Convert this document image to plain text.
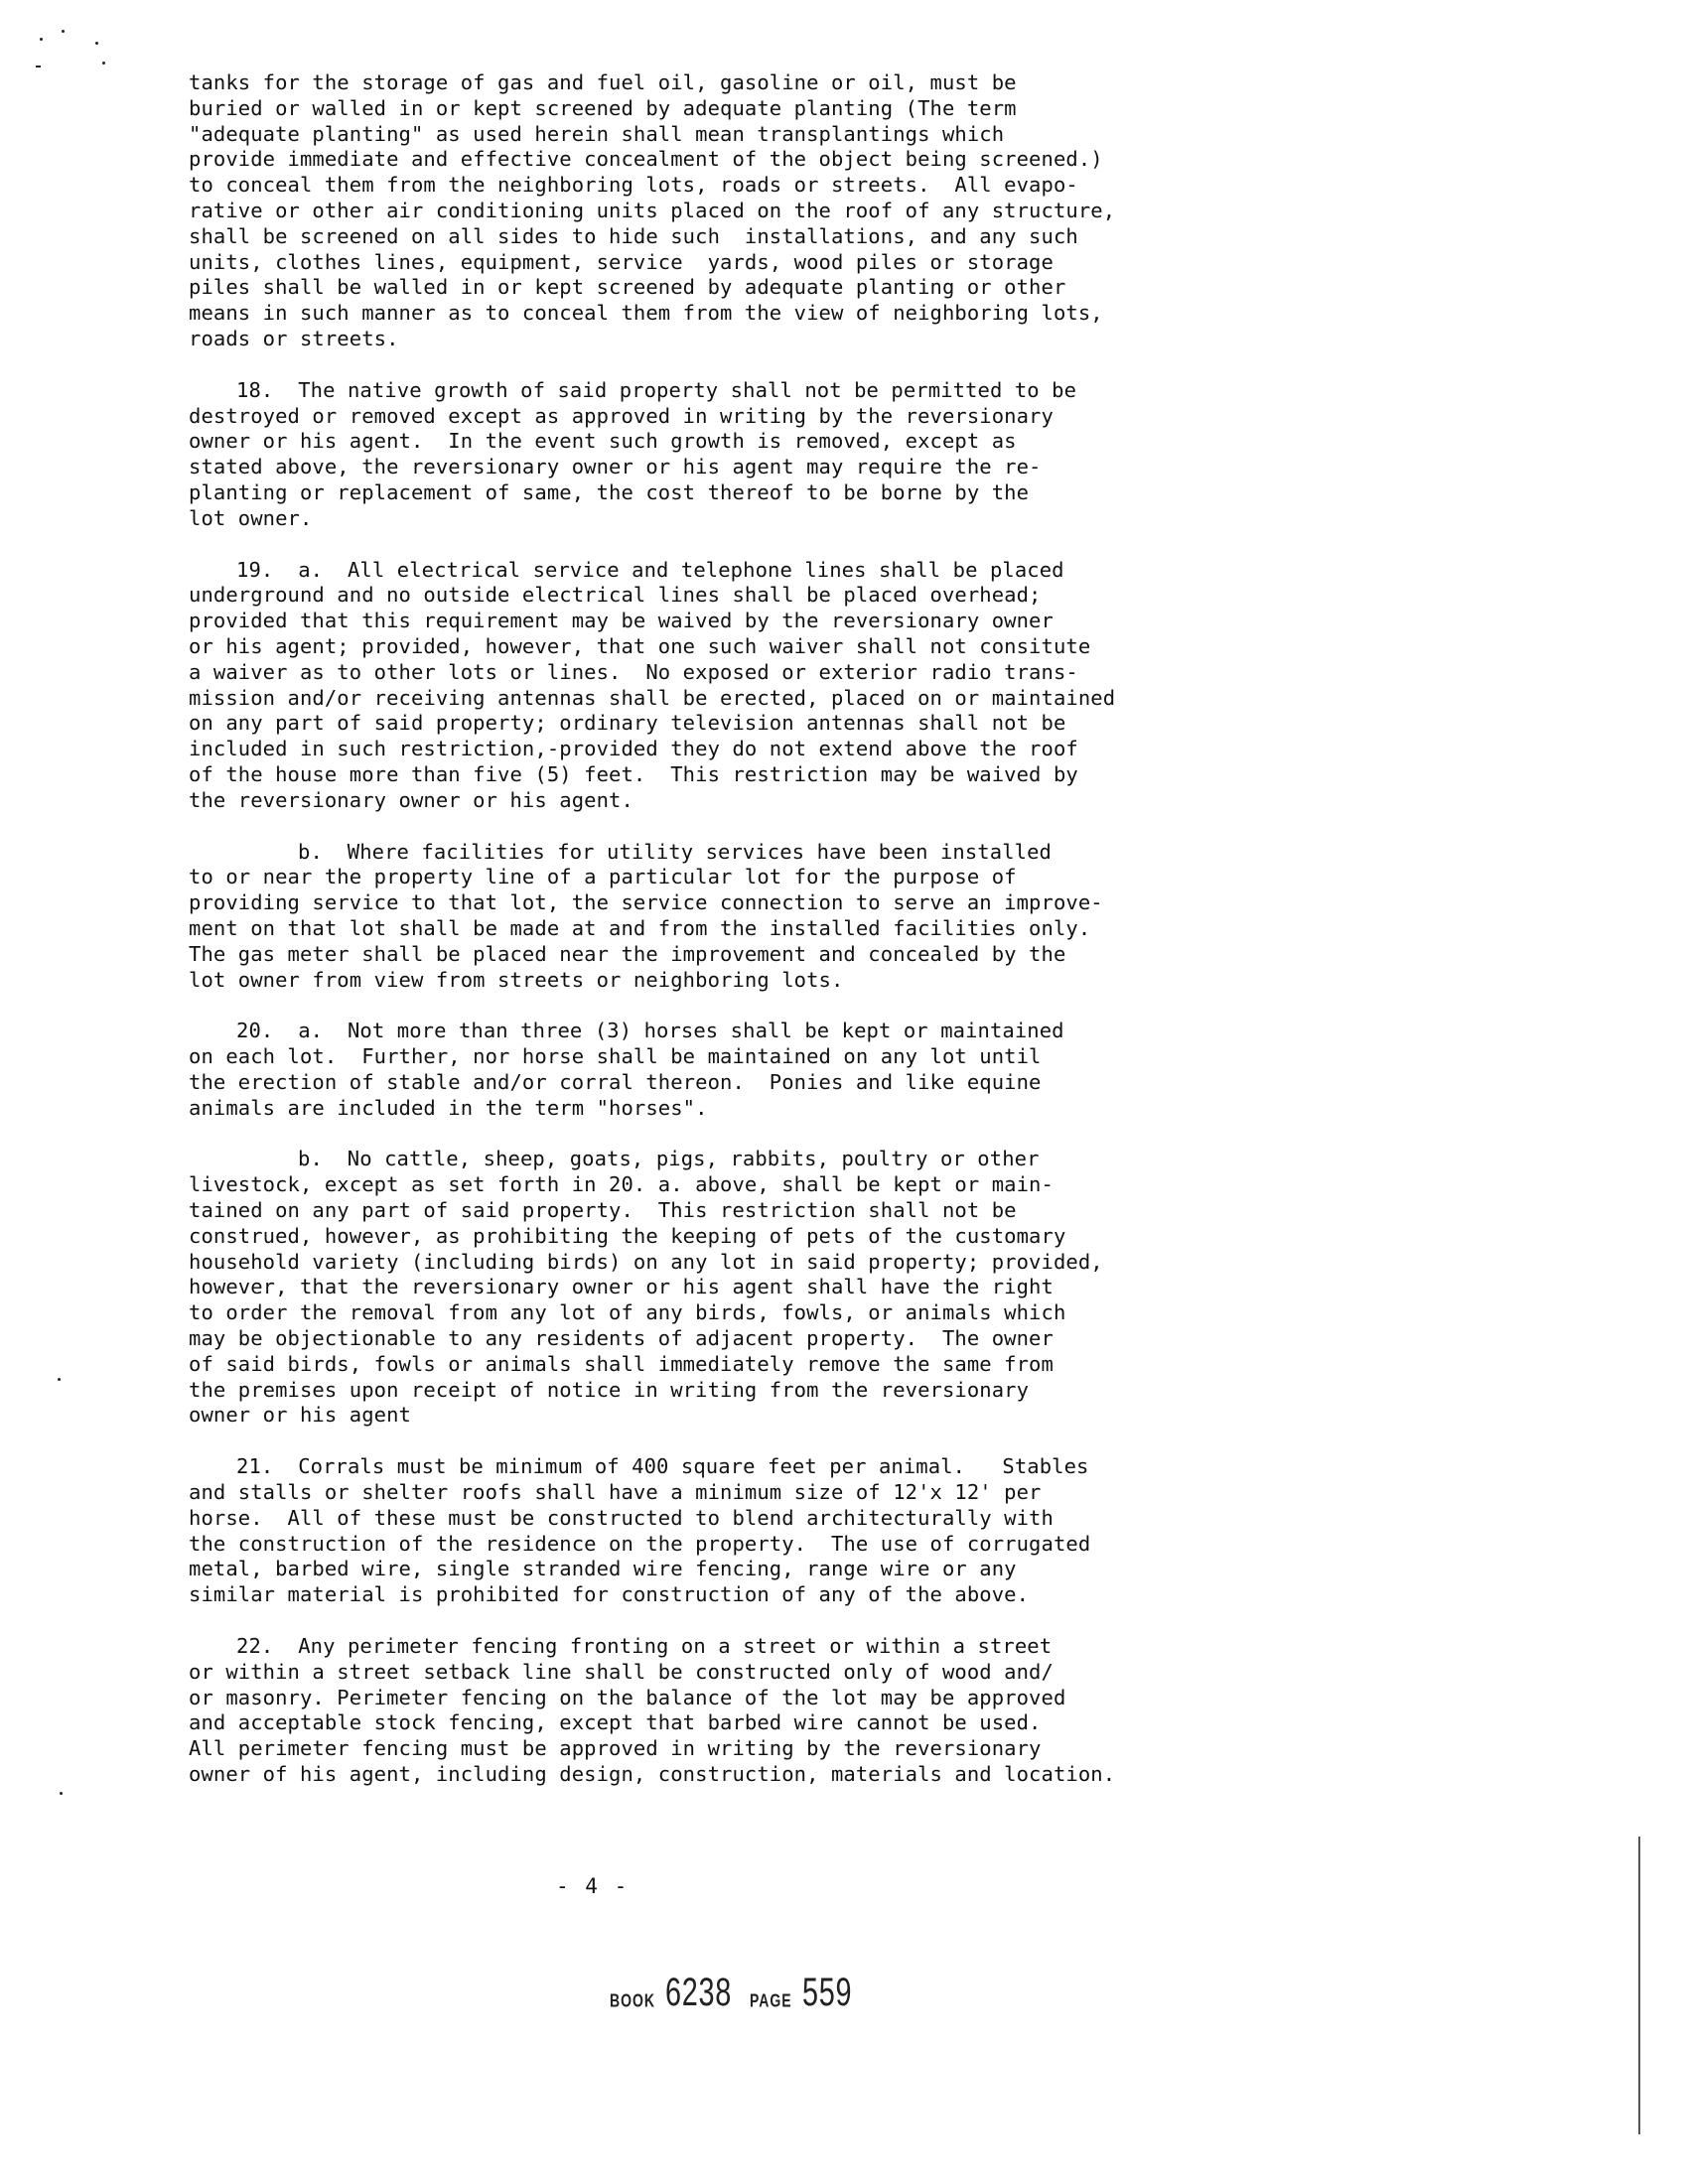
tanks for the storage of gas and fuel oil, gasoline or oil, must be
buried or walled in or kept screened by adequate planting (The term
"adequate planting" as used herein shall mean transplantings which
provide immediate and effective concealment of the object being screened.)
to conceal them from the neighboring lots, roads or streets.  All evapo-
rative or other air conditioning units placed on the roof of any structure,
shall be screened on all sides to hide such  installations, and any such
units, clothes lines, equipment, service  yards, wood piles or storage
piles shall be walled in or kept screened by adequate planting or other
means in such manner as to conceal them from the view of neighboring lots,
roads or streets.
18.  The native growth of said property shall not be permitted to be
destroyed or removed except as approved in writing by the reversionary
owner or his agent.  In the event such growth is removed, except as
stated above, the reversionary owner or his agent may require the re-
planting or replacement of same, the cost thereof to be borne by the
lot owner.
19.  a.  All electrical service and telephone lines shall be placed
underground and no outside electrical lines shall be placed overhead;
provided that this requirement may be waived by the reversionary owner
or his agent; provided, however, that one such waiver shall not consitute
a waiver as to other lots or lines.  No exposed or exterior radio trans-
mission and/or receiving antennas shall be erected, placed on or maintained
on any part of said property; ordinary television antennas shall not be
included in such restriction,-provided they do not extend above the roof
of the house more than five (5) feet.  This restriction may be waived by
the reversionary owner or his agent.
b.  Where facilities for utility services have been installed
to or near the property line of a particular lot for the purpose of
providing service to that lot, the service connection to serve an improve-
ment on that lot shall be made at and from the installed facilities only.
The gas meter shall be placed near the improvement and concealed by the
lot owner from view from streets or neighboring lots.
20.  a.  Not more than three (3) horses shall be kept or maintained
on each lot.  Further, nor horse shall be maintained on any lot until
the erection of stable and/or corral thereon.  Ponies and like equine
animals are included in the term "horses".
b.  No cattle, sheep, goats, pigs, rabbits, poultry or other
livestock, except as set forth in 20. a. above, shall be kept or main-
tained on any part of said property.  This restriction shall not be
construed, however, as prohibiting the keeping of pets of the customary
household variety (including birds) on any lot in said property; provided,
however, that the reversionary owner or his agent shall have the right
to order the removal from any lot of any birds, fowls, or animals which
may be objectionable to any residents of adjacent property.  The owner
of said birds, fowls or animals shall immediately remove the same from
the premises upon receipt of notice in writing from the reversionary
owner or his agent
21.  Corrals must be minimum of 400 square feet per animal.   Stables
and stalls or shelter roofs shall have a minimum size of 12'x 12' per
horse.  All of these must be constructed to blend architecturally with
the construction of the residence on the property.  The use of corrugated
metal, barbed wire, single stranded wire fencing, range wire or any
similar material is prohibited for construction of any of the above.
22.  Any perimeter fencing fronting on a street or within a street
or within a street setback line shall be constructed only of wood and/
or masonry. Perimeter fencing on the balance of the lot may be approved
and acceptable stock fencing, except that barbed wire cannot be used.
All perimeter fencing must be approved in writing by the reversionary
owner of his agent, including design, construction, materials and location.
- 4 -
BOOK 6238 PAGE 559
